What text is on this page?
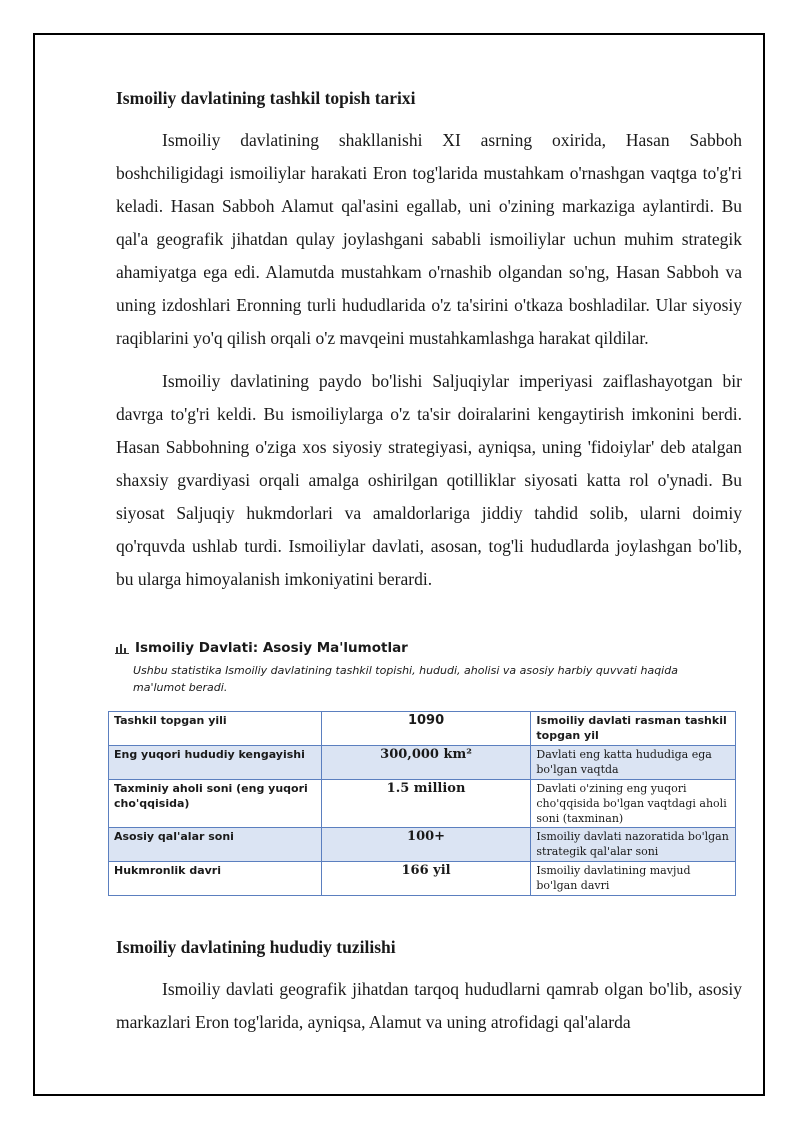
Ismoiliy davlatining tashkil topish tarixi

Ismoiliy davlatining shakllanishi XI asrning oxirida, Hasan Sabboh boshchiligidagi ismoiliylar harakati Eron tog'larida mustahkam o'rnashgan vaqtga to'g'ri keladi. Hasan Sabboh Alamut qal'asini egallab, uni o'zining markaziga aylantirdi. Bu qal'a geografik jihatdan qulay joylashgani sababli ismoiliylar uchun muhim strategik ahamiyatga ega edi. Alamutda mustahkam o'rnashib olgandan so'ng, Hasan Sabboh va uning izdoshlari Eronning turli hududlarida o'z ta'sirini o'tkaza boshladilar. Ular siyosiy raqiblarini yo'q qilish orqali o'z mavqeini mustahkamlashga harakat qildilar.

Ismoiliy davlatining paydo bo'lishi Saljuqiylar imperiyasi zaiflashayotgan bir davrga to'g'ri keldi. Bu ismoiliylarga o'z ta'sir doiralarini kengaytirish imkonini berdi. Hasan Sabbohning o'ziga xos siyosiy strategiyasi, ayniqsa, uning 'fidoiylar' deb atalgan shaxsiy gvardiyasi orqali amalga oshirilgan qotilliklar siyosati katta rol o'ynadi. Bu siyosat Saljuqiy hukmdorlari va amaldorlariga jiddiy tahdid solib, ularni doimiy qo'rquvda ushlab turdi. Ismoiliylar davlati, asosan, tog'li hududlarda joylashgan bo'lib, bu ularga himoyalanish imkoniyatini berardi.

Ismoiliy Davlati: Asosiy Ma'lumotlar
Ushbu statistika Ismoiliy davlatining tashkil topishi, hududi, aholisi va asosiy harbiy quvvati haqida ma'lumot beradi.
Tashkil topgan yili	1090	Ismoiliy davlati rasman tashkil topgan yil
Eng yuqori hududiy kengayishi	300,000 km²	Davlati eng katta hududiga ega bo'lgan vaqtda
Taxminiy aholi soni (eng yuqori cho'qqisida)	1.5 million	Davlati o'zining eng yuqori cho'qqisida bo'lgan vaqtdagi aholi soni (taxminan)
Asosiy qal'alar soni	100+	Ismoiliy davlati nazoratida bo'lgan strategik qal'alar soni
Hukmronlik davri	166 yil	Ismoiliy davlatining mavjud bo'lgan davri
Ismoiliy davlatining hududiy tuzilishi

Ismoiliy davlati geografik jihatdan tarqoq hududlarni qamrab olgan bo'lib, asosiy markazlari Eron tog'larida, ayniqsa, Alamut va uning atrofidagi qal'alarda
